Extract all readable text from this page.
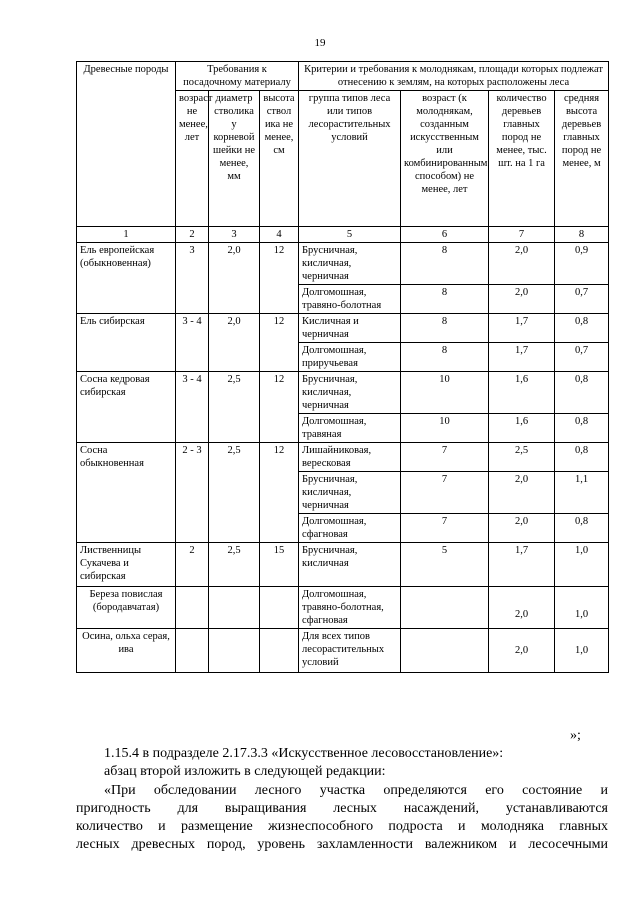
19
Древесные породы	Требования к посадочному материалу			Критерии и требования к молоднякам, площади которых подлежат отнесению к землям, на которых расположены леса			
	возраст не менее, лет	диаметр стволика у корневой шейки не менее, мм	высота ствол ика не менее, см	группа типов леса или типов лесорастительных условий	возраст (к молоднякам, созданным искусственным или комбинированным способом) не менее, лет	количество деревьев главных пород не менее, тыс. шт. на 1 га	средняя высота деревьев главных пород не менее, м
1	2	3	4	5	6	7	8
Ель европейская (обыкновенная)	3	2,0	12	Брусничная, кисличная, черничная	8	2,0	0,9
				Долгомошная, травяно-болотная	8	2,0	0,7
Ель сибирская	3 - 4	2,0	12	Кисличная и черничная	8	1,7	0,8
				Долгомошная, приручьевая	8	1,7	0,7
Сосна кедровая сибирская	3 - 4	2,5	12	Брусничная, кисличная, черничная	10	1,6	0,8
				Долгомошная, травяная	10	1,6	0,8
Сосна обыкновенная	2 - 3	2,5	12	Лишайниковая, вересковая	7	2,5	0,8
				Брусничная, кисличная, черничная	7	2,0	1,1
				Долгомошная, сфагновая	7	2,0	0,8
Лиственницы Сукачева и сибирская	2	2,5	15	Брусничная, кисличная	5	1,7	1,0
Береза повислая (бородавчатая)				Долгомошная, травяно-болотная, сфагновая		2,0	1,0
Осина, ольха серая, ива				Для всех типов лесорастительных условий		2,0	1,0
»;
1.15.4 в подразделе 2.17.3.3 «Искусственное лесовосстановление»:
абзац второй изложить в следующей редакции:
«При обследовании лесного участка определяются его состояние и
пригодность для выращивания лесных насаждений, устанавливаются
количество и размещение жизнеспособного подроста и молодняка главных
лесных древесных пород, уровень захламленности валежником и лесосечными
